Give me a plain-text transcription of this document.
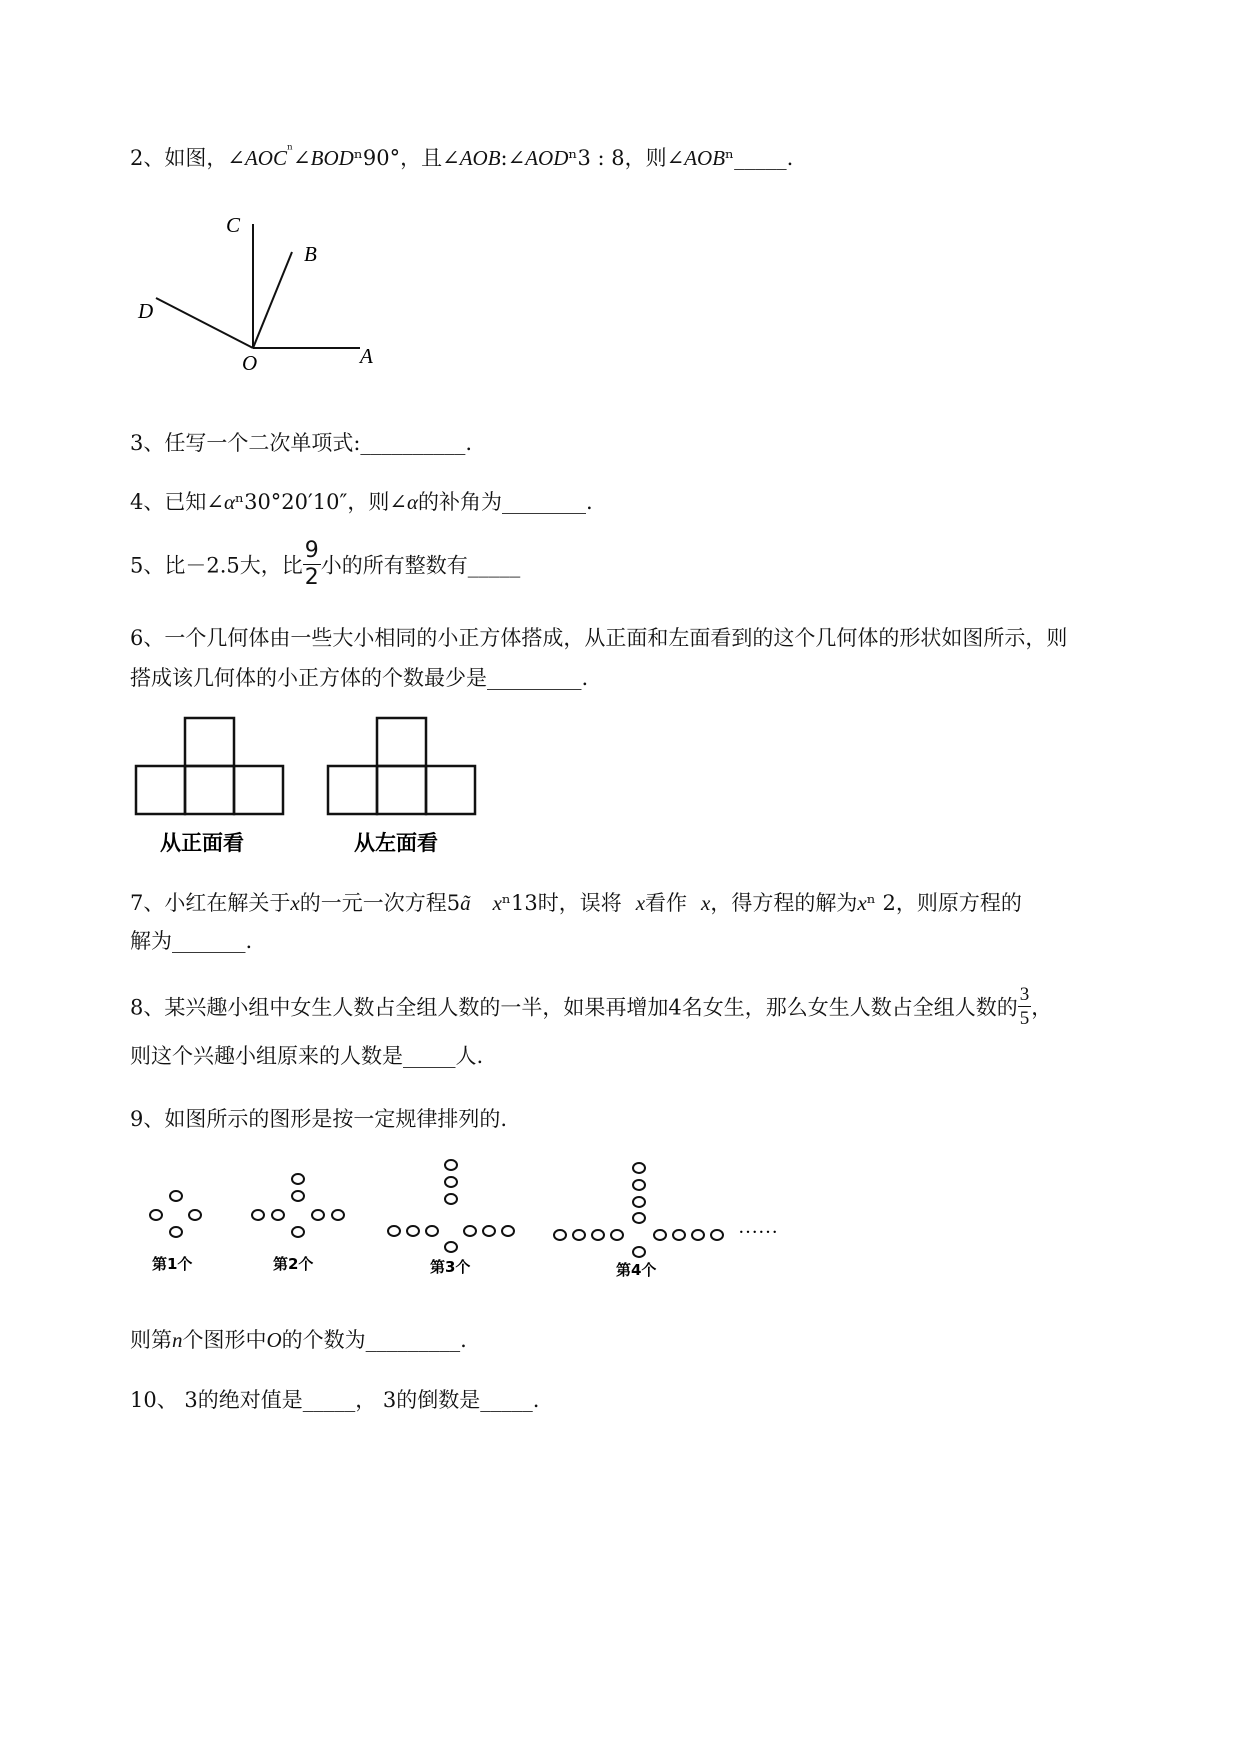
2、如图，$\angle AOC^{^n}\angle BOD^n90^\circ$，且∠AOB:∠AODⁿ3 : 8，则∠AOBⁿ_____.
C
B
D
O	A
3、任写一个二次单项式:__________.
4、已知∠αⁿ30°20′10″，则∠α的补角为________.
5、比－2.5大，比 $\frac{9}{2}$ 小的所有整数有_____
6、一个几何体由一些大小相同的小正方体搭成，从正面和左面看到的这个几何体的形状如图所示，则
搭成该几何体的小正方体的个数最少是_________.
从正面看	从左面看
7、小红在解关于x的一元一次方程5ã xⁿ13时，误将 x看作 x，得方程的解为xⁿ 2，则原方程的
解为_______.
8、某兴趣小组中女生人数占全组人数的一半，如果再增加4名女生，那么女生人数占全组人数的 $\frac{3}{5}$ ，
则这个兴趣小组原来的人数是_____人.
9、如图所示的图形是按一定规律排列的.
……
第1个	第2个	第3个	第4个
则第n个图形中O的个数为_________.
10、 3的绝对值是_____， 3的倒数是_____.
